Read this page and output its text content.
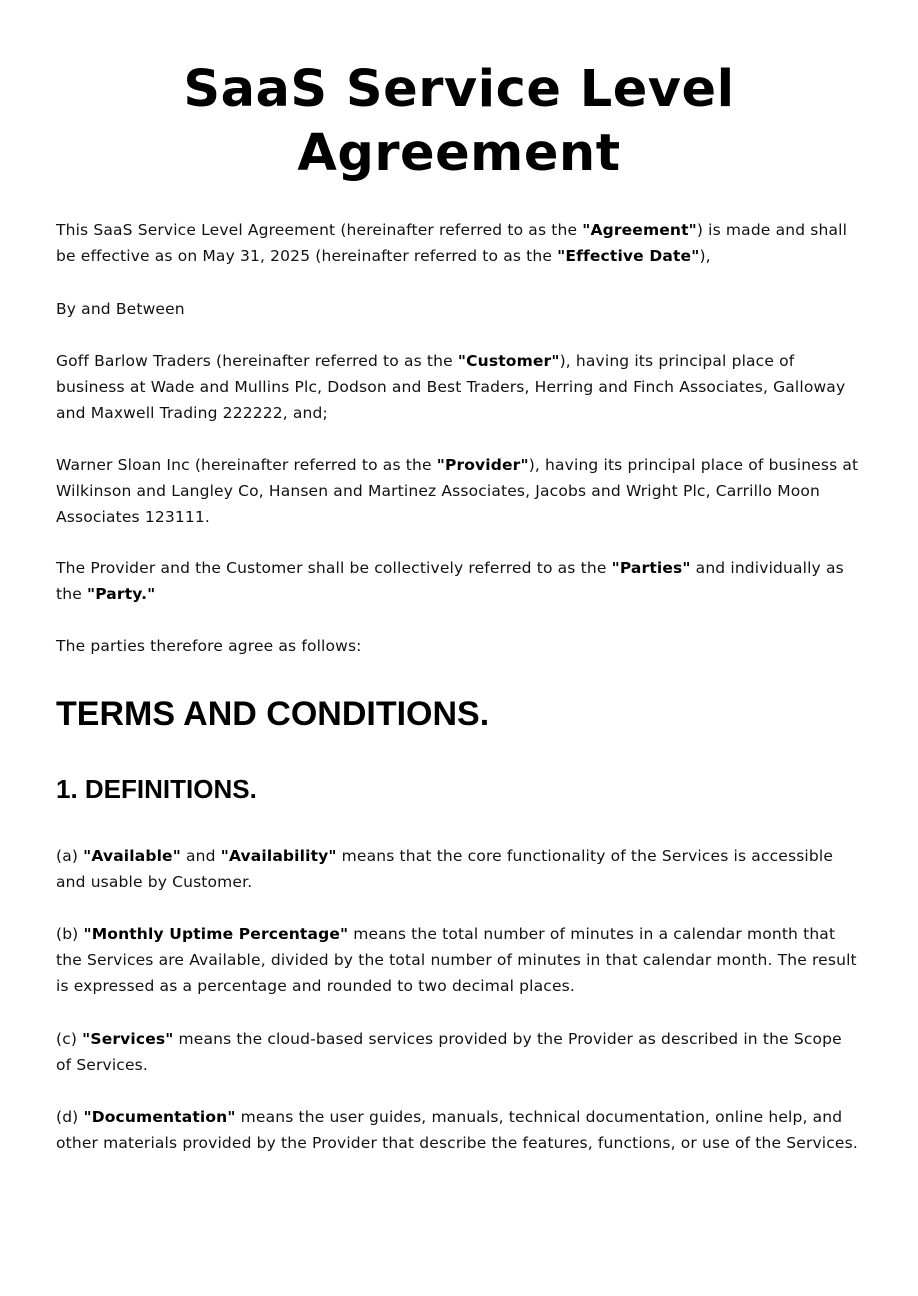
SaaS Service Level Agreement

This SaaS Service Level Agreement (hereinafter referred to as the "Agreement") is made and shall be effective as on May 31, 2025 (hereinafter referred to as the "Effective Date"),

By and Between

Goff Barlow Traders (hereinafter referred to as the "Customer"), having its principal place of business at Wade and Mullins Plc, Dodson and Best Traders, Herring and Finch Associates, Galloway and Maxwell Trading 222222, and;

Warner Sloan Inc (hereinafter referred to as the "Provider"), having its principal place of business at Wilkinson and Langley Co, Hansen and Martinez Associates, Jacobs and Wright Plc, Carrillo Moon Associates 123111.

The Provider and the Customer shall be collectively referred to as the "Parties" and individually as the "Party."

The parties therefore agree as follows:

TERMS AND CONDITIONS.
1. DEFINITIONS.

(a) "Available" and "Availability" means that the core functionality of the Services is accessible and usable by Customer.

(b) "Monthly Uptime Percentage" means the total number of minutes in a calendar month that the Services are Available, divided by the total number of minutes in that calendar month. The result is expressed as a percentage and rounded to two decimal places.

(c) "Services" means the cloud-based services provided by the Provider as described in the Scope of Services.

(d) "Documentation" means the user guides, manuals, technical documentation, online help, and other materials provided by the Provider that describe the features, functions, or use of the Services.
